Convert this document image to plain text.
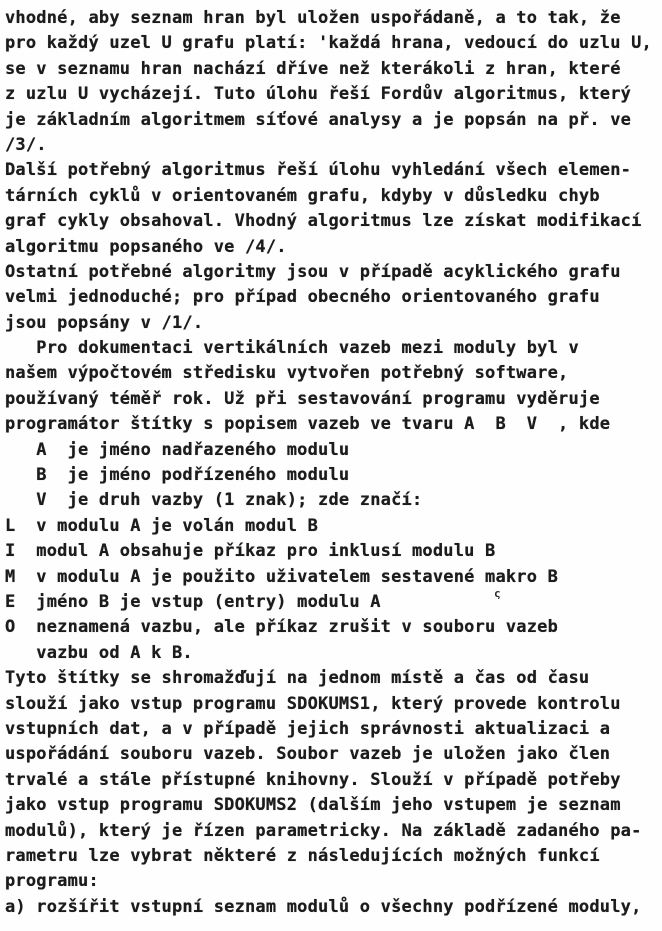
vhodné, aby seznam hran byl uložen uspořádaně, a to tak, že
pro každý uzel U grafu platí: 'každá hrana, vedoucí do uzlu U,
se v seznamu hran nachází dříve než kterákoli z hran, které
z uzlu U vycházejí. Tuto úlohu řeší Fordův algoritmus, který
je základním algoritmem síťové analysy a je popsán na př. ve
/3/.
Další potřebný algoritmus řeší úlohu vyhledání všech elemen-
tárních cyklů v orientovaném grafu, kdyby v důsledku chyb
graf cykly obsahoval. Vhodný algoritmus lze získat modifikací
algoritmu popsaného ve /4/.
Ostatní potřebné algoritmy jsou v případě acyklického grafu
velmi jednoduché; pro případ obecného orientovaného grafu
jsou popsány v /1/.
Pro dokumentaci vertikálních vazeb mezi moduly byl v
našem výpočtovém středisku vytvořen potřebný software,
používaný téměř rok. Už při sestavování programu vyděruje
programátor štítky s popisem vazeb ve tvaru A  B  V  , kde
A  je jméno nadřazeného modulu
B  je jméno podřízeného modulu
V  je druh vazby (1 znak); zde značí:
L  v modulu A je volán modul B
I  modul A obsahuje příkaz pro inklusí modulu B
M  v modulu A je použito uživatelem sestavené makro B
E  jméno B je vstup (entry) modulu A
O  neznamená vazbu, ale příkaz zrušit v souboru vazeb
vazbu od A k B.
Tyto štítky se shromažďují na jednom místě a čas od času
slouží jako vstup programu SDOKUMS1, který provede kontrolu
vstupních dat, a v případě jejich správnosti aktualizaci a
uspořádání souboru vazeb. Soubor vazeb je uložen jako člen
trvalé a stále přístupné knihovny. Slouží v případě potřeby
jako vstup programu SDOKUMS2 (dalším jeho vstupem je seznam
modulů), který je řízen parametricky. Na základě zadaného pa-
rametru lze vybrat některé z následujících možných funkcí
programu:
a) rozšířit vstupní seznam modulů o všechny podřízené moduly,
ς
